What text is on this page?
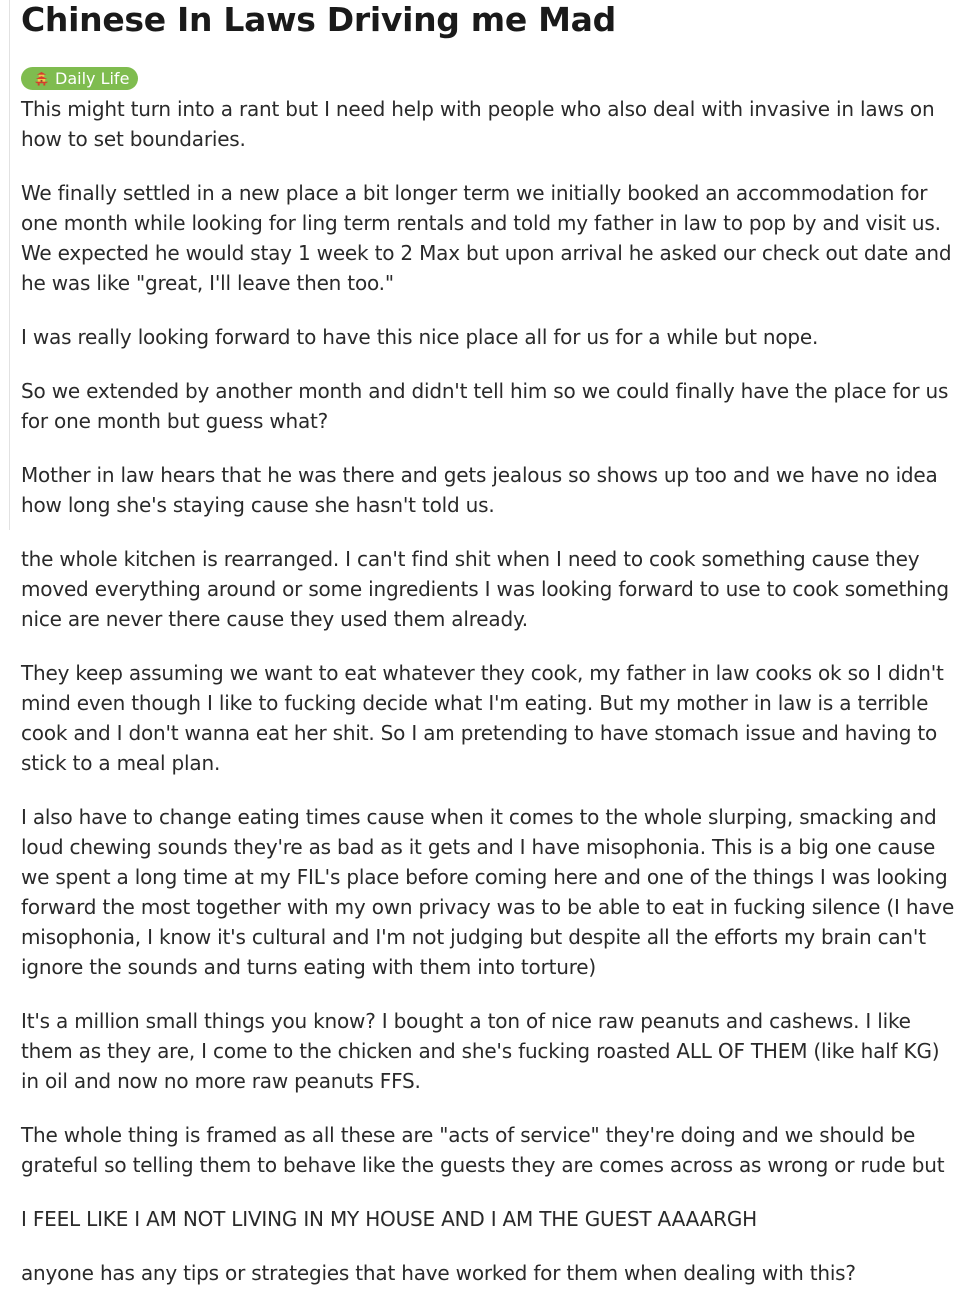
Chinese In Laws Driving me Mad
Daily Life

This might turn into a rant but I need help with people who also deal with invasive in laws on how to set boundaries.

We finally settled in a new place a bit longer term we initially booked an accommodation for one month while looking for ling term rentals and told my father in law to pop by and visit us. We expected he would stay 1 week to 2 Max but upon arrival he asked our check out date and he was like "great, I'll leave then too."

I was really looking forward to have this nice place all for us for a while but nope.

So we extended by another month and didn't tell him so we could finally have the place for us for one month but guess what?

Mother in law hears that he was there and gets jealous so shows up too and we have no idea how long she's staying cause she hasn't told us.

the whole kitchen is rearranged. I can't find shit when I need to cook something cause they moved everything around or some ingredients I was looking forward to use to cook something nice are never there cause they used them already.

They keep assuming we want to eat whatever they cook, my father in law cooks ok so I didn't mind even though I like to fucking decide what I'm eating. But my mother in law is a terrible cook and I don't wanna eat her shit. So I am pretending to have stomach issue and having to stick to a meal plan.

I also have to change eating times cause when it comes to the whole slurping, smacking and loud chewing sounds they're as bad as it gets and I have misophonia. This is a big one cause we spent a long time at my FIL's place before coming here and one of the things I was looking forward the most together with my own privacy was to be able to eat in fucking silence (I have misophonia, I know it's cultural and I'm not judging but despite all the efforts my brain can't ignore the sounds and turns eating with them into torture)

It's a million small things you know? I bought a ton of nice raw peanuts and cashews. I like them as they are, I come to the chicken and she's fucking roasted ALL OF THEM (like half KG) in oil and now no more raw peanuts FFS.

The whole thing is framed as all these are "acts of service" they're doing and we should be grateful so telling them to behave like the guests they are comes across as wrong or rude but

I FEEL LIKE I AM NOT LIVING IN MY HOUSE AND I AM THE GUEST AAAARGH

anyone has any tips or strategies that have worked for them when dealing with this?
